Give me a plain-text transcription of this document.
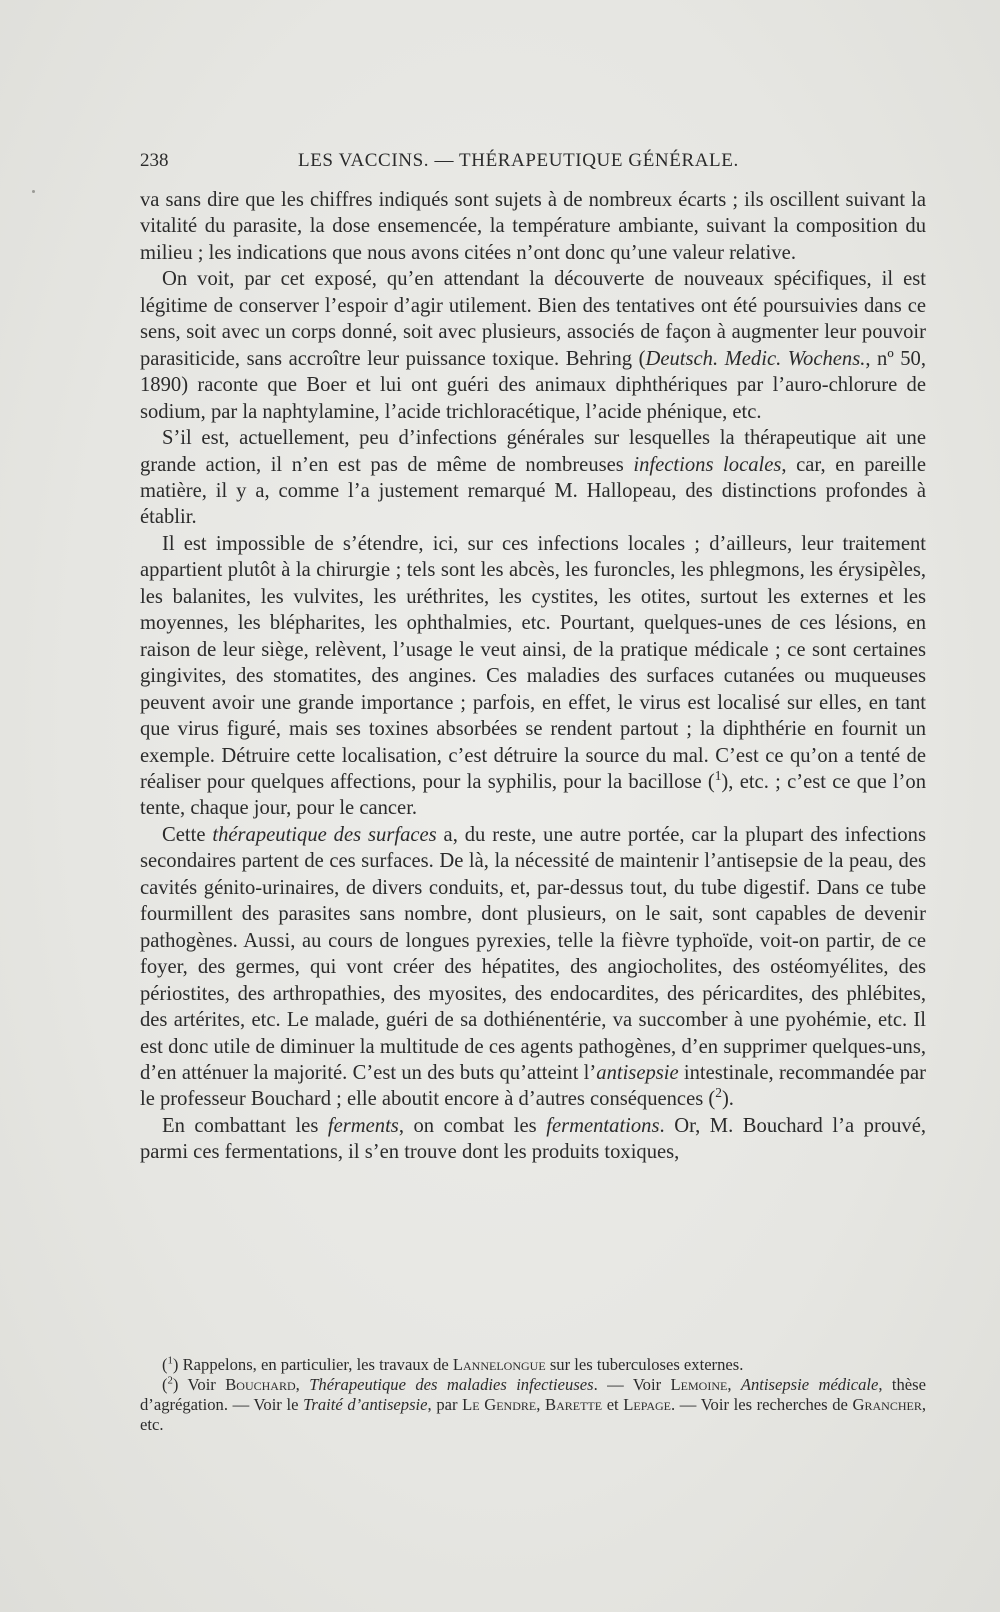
238	LES VACCINS. — THÉRAPEUTIQUE GÉNÉRALE.

va sans dire que les chiffres indiqués sont sujets à de nombreux écarts ; ils oscillent suivant la vitalité du parasite, la dose ensemencée, la température ambiante, suivant la composition du milieu ; les indications que nous avons citées n’ont donc qu’une valeur relative.

On voit, par cet exposé, qu’en attendant la découverte de nouveaux spécifiques, il est légitime de conserver l’espoir d’agir utilement. Bien des tentatives ont été poursuivies dans ce sens, soit avec un corps donné, soit avec plusieurs, associés de façon à augmenter leur pouvoir parasiticide, sans accroître leur puissance toxique. Behring (Deutsch. Medic. Wochens., nº 50, 1890) raconte que Boer et lui ont guéri des animaux diphthériques par l’auro-chlorure de sodium, par la naphtylamine, l’acide trichloracétique, l’acide phénique, etc.

S’il est, actuellement, peu d’infections générales sur lesquelles la thérapeutique ait une grande action, il n’en est pas de même de nombreuses infections locales, car, en pareille matière, il y a, comme l’a justement remarqué M. Hallopeau, des distinctions profondes à établir.

Il est impossible de s’étendre, ici, sur ces infections locales ; d’ailleurs, leur traitement appartient plutôt à la chirurgie ; tels sont les abcès, les furoncles, les phlegmons, les érysipèles, les balanites, les vulvites, les uréthrites, les cystites, les otites, surtout les externes et les moyennes, les blépharites, les ophthalmies, etc. Pourtant, quelques-unes de ces lésions, en raison de leur siège, relèvent, l’usage le veut ainsi, de la pratique médicale ; ce sont certaines gingivites, des stomatites, des angines. Ces maladies des surfaces cutanées ou muqueuses peuvent avoir une grande importance ; parfois, en effet, le virus est localisé sur elles, en tant que virus figuré, mais ses toxines absorbées se rendent partout ; la diphthérie en fournit un exemple. Détruire cette localisation, c’est détruire la source du mal. C’est ce qu’on a tenté de réaliser pour quelques affections, pour la syphilis, pour la bacillose ($^1$), etc. ; c’est ce que l’on tente, chaque jour, pour le cancer.

Cette thérapeutique des surfaces a, du reste, une autre portée, car la plupart des infections secondaires partent de ces surfaces. De là, la nécessité de maintenir l’antisepsie de la peau, des cavités génito-urinaires, de divers conduits, et, par-dessus tout, du tube digestif. Dans ce tube fourmillent des parasites sans nombre, dont plusieurs, on le sait, sont capables de devenir pathogènes. Aussi, au cours de longues pyrexies, telle la fièvre typhoïde, voit-on partir, de ce foyer, des germes, qui vont créer des hépatites, des angiocholites, des ostéomyélites, des périostites, des arthropathies, des myosites, des endocardites, des péricardites, des phlébites, des artérites, etc. Le malade, guéri de sa dothiénentérie, va succomber à une pyohémie, etc. Il est donc utile de diminuer la multitude de ces agents pathogènes, d’en supprimer quelques-uns, d’en atténuer la majorité. C’est un des buts qu’atteint l’antisepsie intestinale, recommandée par le professeur Bouchard ; elle aboutit encore à d’autres conséquences ($^2$).

En combattant les ferments, on combat les fermentations. Or, M. Bouchard l’a prouvé, parmi ces fermentations, il s’en trouve dont les produits toxiques,

($^1$) Rappelons, en particulier, les travaux de Lannelongue sur les tuberculoses externes.

($^2$) Voir Bouchard, Thérapeutique des maladies infectieuses. — Voir Lemoine, Antisepsie médicale, thèse d’agrégation. — Voir le Traité d’antisepsie, par Le Gendre, Barette et Lepage. — Voir les recherches de Grancher, etc.
